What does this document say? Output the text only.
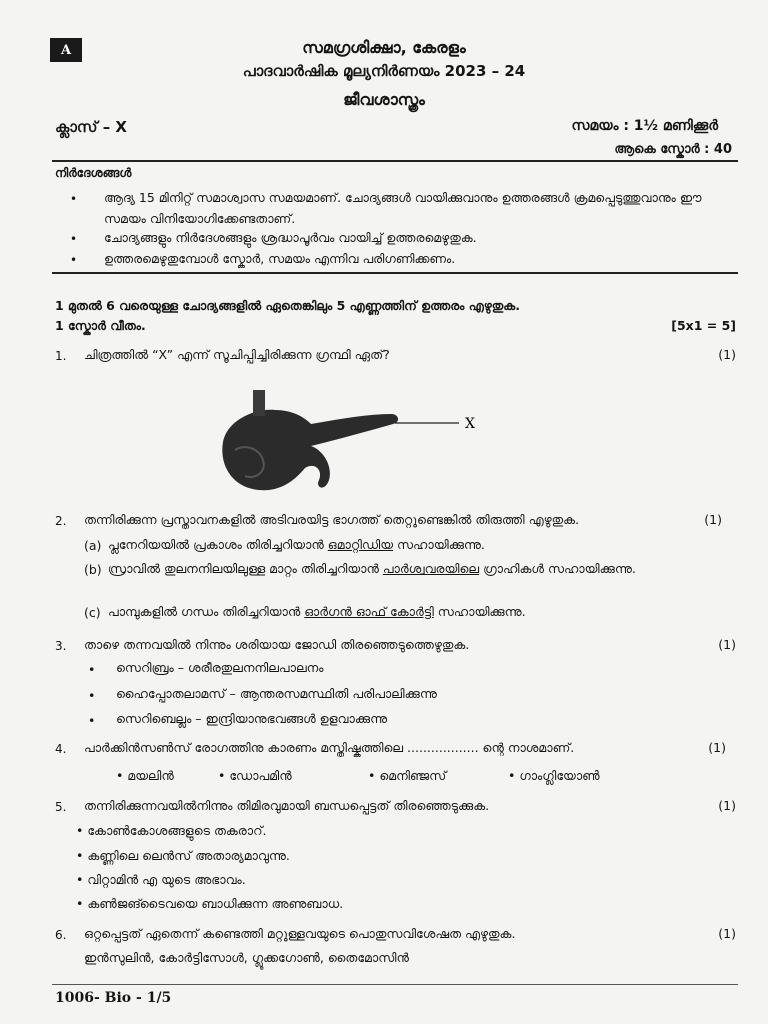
A	സമഗ്രശിക്ഷാ, കേരളം
പാദവാർഷിക മൂല്യനിർണയം 2023 – 24
ജീവശാസ്ത്രം
ക്ലാസ് – X	സമയം : 1½ മണിക്കൂർ
ആകെ സ്കോർ : 40
നിർദേശങ്ങൾ
• ആദ്യ 15 മിനിറ്റ് സമാശ്വാസ സമയമാണ്. ചോദ്യങ്ങൾ വായിക്കുവാനും ഉത്തരങ്ങൾ ക്രമപ്പെടുത്തുവാനും ഈ സമയം വിനിയോഗിക്കേണ്ടതാണ്.
• ചോദ്യങ്ങളും നിർദേശങ്ങളും ശ്രദ്ധാപൂർവം വായിച്ച് ഉത്തരമെഴുതുക.
• ഉത്തരമെഴുതുമ്പോൾ സ്കോർ, സമയം എന്നിവ പരിഗണിക്കണം.
1 മുതൽ 6 വരെയുള്ള ചോദ്യങ്ങളിൽ ഏതെങ്കിലും 5 എണ്ണത്തിന് ഉത്തരം എഴുതുക.
1 സ്കോർ വീതം.	[5x1 = 5]
1. ചിത്രത്തിൽ “X” എന്ന് സൂചിപ്പിച്ചിരിക്കുന്ന ഗ്രന്ഥി ഏത്?	(1)
X
2. തന്നിരിക്കുന്ന പ്രസ്താവനകളിൽ അടിവരയിട്ട ഭാഗത്ത് തെറ്റുണ്ടെങ്കിൽ തിരുത്തി എഴുതുക.	(1)
(a) പ്ലനേറിയയിൽ പ്രകാശം തിരിച്ചറിയാൻ ഒമാറ്റിഡിയ സഹായിക്കുന്നു.
(b) സ്രാവിൽ തുലനനിലയിലുള്ള മാറ്റം തിരിച്ചറിയാൻ പാർശ്വവരയിലെ ഗ്രാഹികൾ സഹായിക്കുന്നു.
(c) പാമ്പുകളിൽ ഗന്ധം തിരിച്ചറിയാൻ ഓർഗൻ ഓഫ് കോർട്ടി സഹായിക്കുന്നു.
3. താഴെ തന്നവയിൽ നിന്നും ശരിയായ ജോഡി തിരഞ്ഞെടുത്തെഴുതുക.	(1)
• സെറിബ്രം – ശരീരതുലനനിലപാലനം
• ഹൈപ്പോതലാമസ് – ആന്തരസമസ്ഥിതി പരിപാലിക്കുന്നു
• സെറിബെല്ലം – ഇന്ദ്രിയാനുഭവങ്ങൾ ഉളവാക്കുന്നു
4. പാർക്കിൻസൺസ് രോഗത്തിനു കാരണം മസ്തിഷ്കത്തിലെ .................. ന്റെ നാശമാണ്.	(1)
• മയലിൻ	• ഡോപമിൻ	• മെനിഞ്ജസ്	• ഗാംഗ്ലിയോൺ
5. തന്നിരിക്കുന്നവയിൽനിന്നും തിമിരവുമായി ബന്ധപ്പെട്ടത് തിരഞ്ഞെടുക്കുക.	(1)
• കോൺകോശങ്ങളുടെ തകരാറ്.
• കണ്ണിലെ ലെൻസ് അതാര്യമാവുന്നു.
• വിറ്റാമിൻ എ യുടെ അഭാവം.
• കൺജങ്ടൈവയെ ബാധിക്കുന്ന അണുബാധ.
6. ഒറ്റപ്പെട്ടത് ഏതെന്ന് കണ്ടെത്തി മറ്റുള്ളവയുടെ പൊതുസവിശേഷത എഴുതുക.	(1)
ഇൻസുലിൻ, കോർട്ടിസോൾ, ഗ്ലൂക്കഗോൺ, തൈമോസിൻ
1006- Bio - 1/5
